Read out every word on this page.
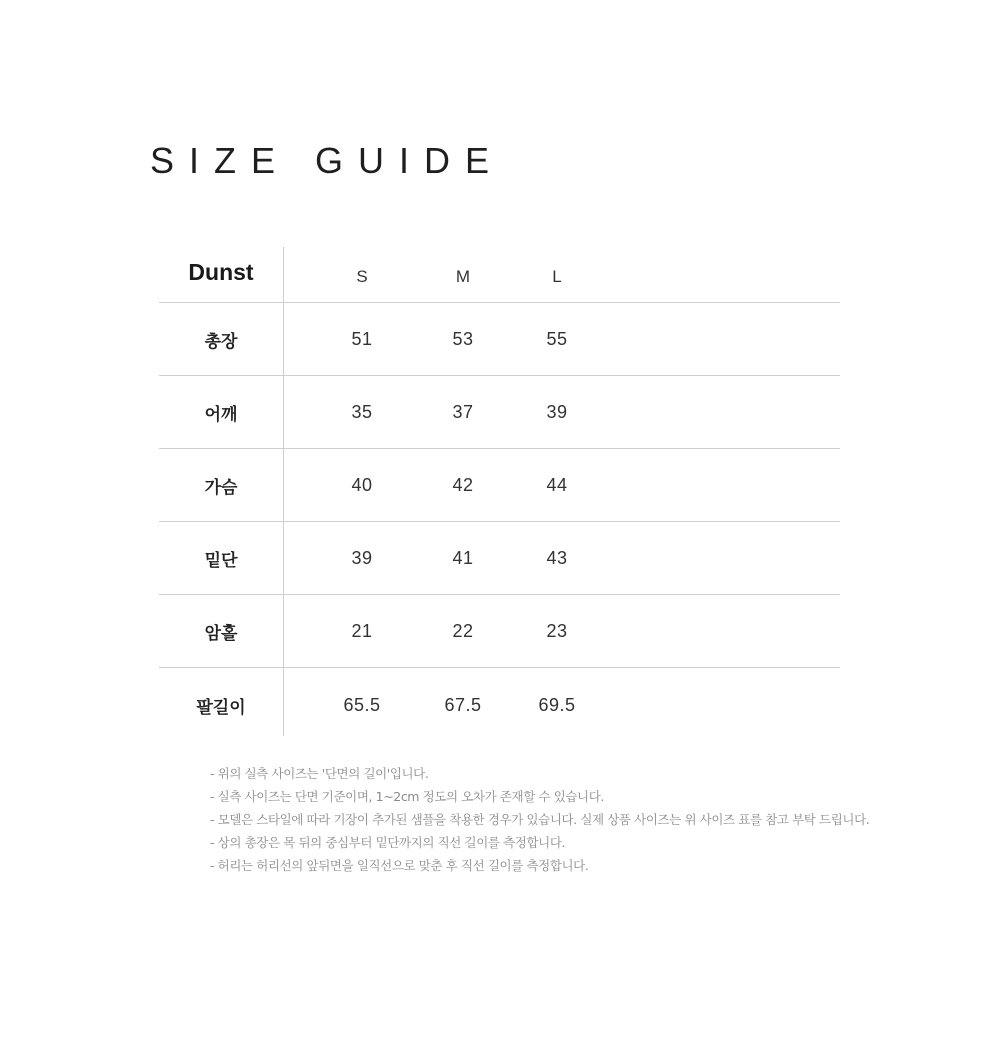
SIZE GUIDE
Dunst	S	M	L
총장	51	53	55
어깨	35	37	39
가슴	40	42	44
밑단	39	41	43
암홀	21	22	23
팔길이	65.5	67.5	69.5
- 위의 실측 사이즈는 '단면의 길이'입니다.
- 실측 사이즈는 단면 기준이며, 1~2cm 정도의 오차가 존재할 수 있습니다.
- 모델은 스타일에 따라 기장이 추가된 샘플을 착용한 경우가 있습니다. 실제 상품 사이즈는 위 사이즈 표를 참고 부탁 드립니다.
- 상의 총장은 목 뒤의 중심부터 밑단까지의 직선 길이를 측정합니다.
- 허리는 허리선의 앞뒤면을 일직선으로 맞춘 후 직선 길이를 측정합니다.
